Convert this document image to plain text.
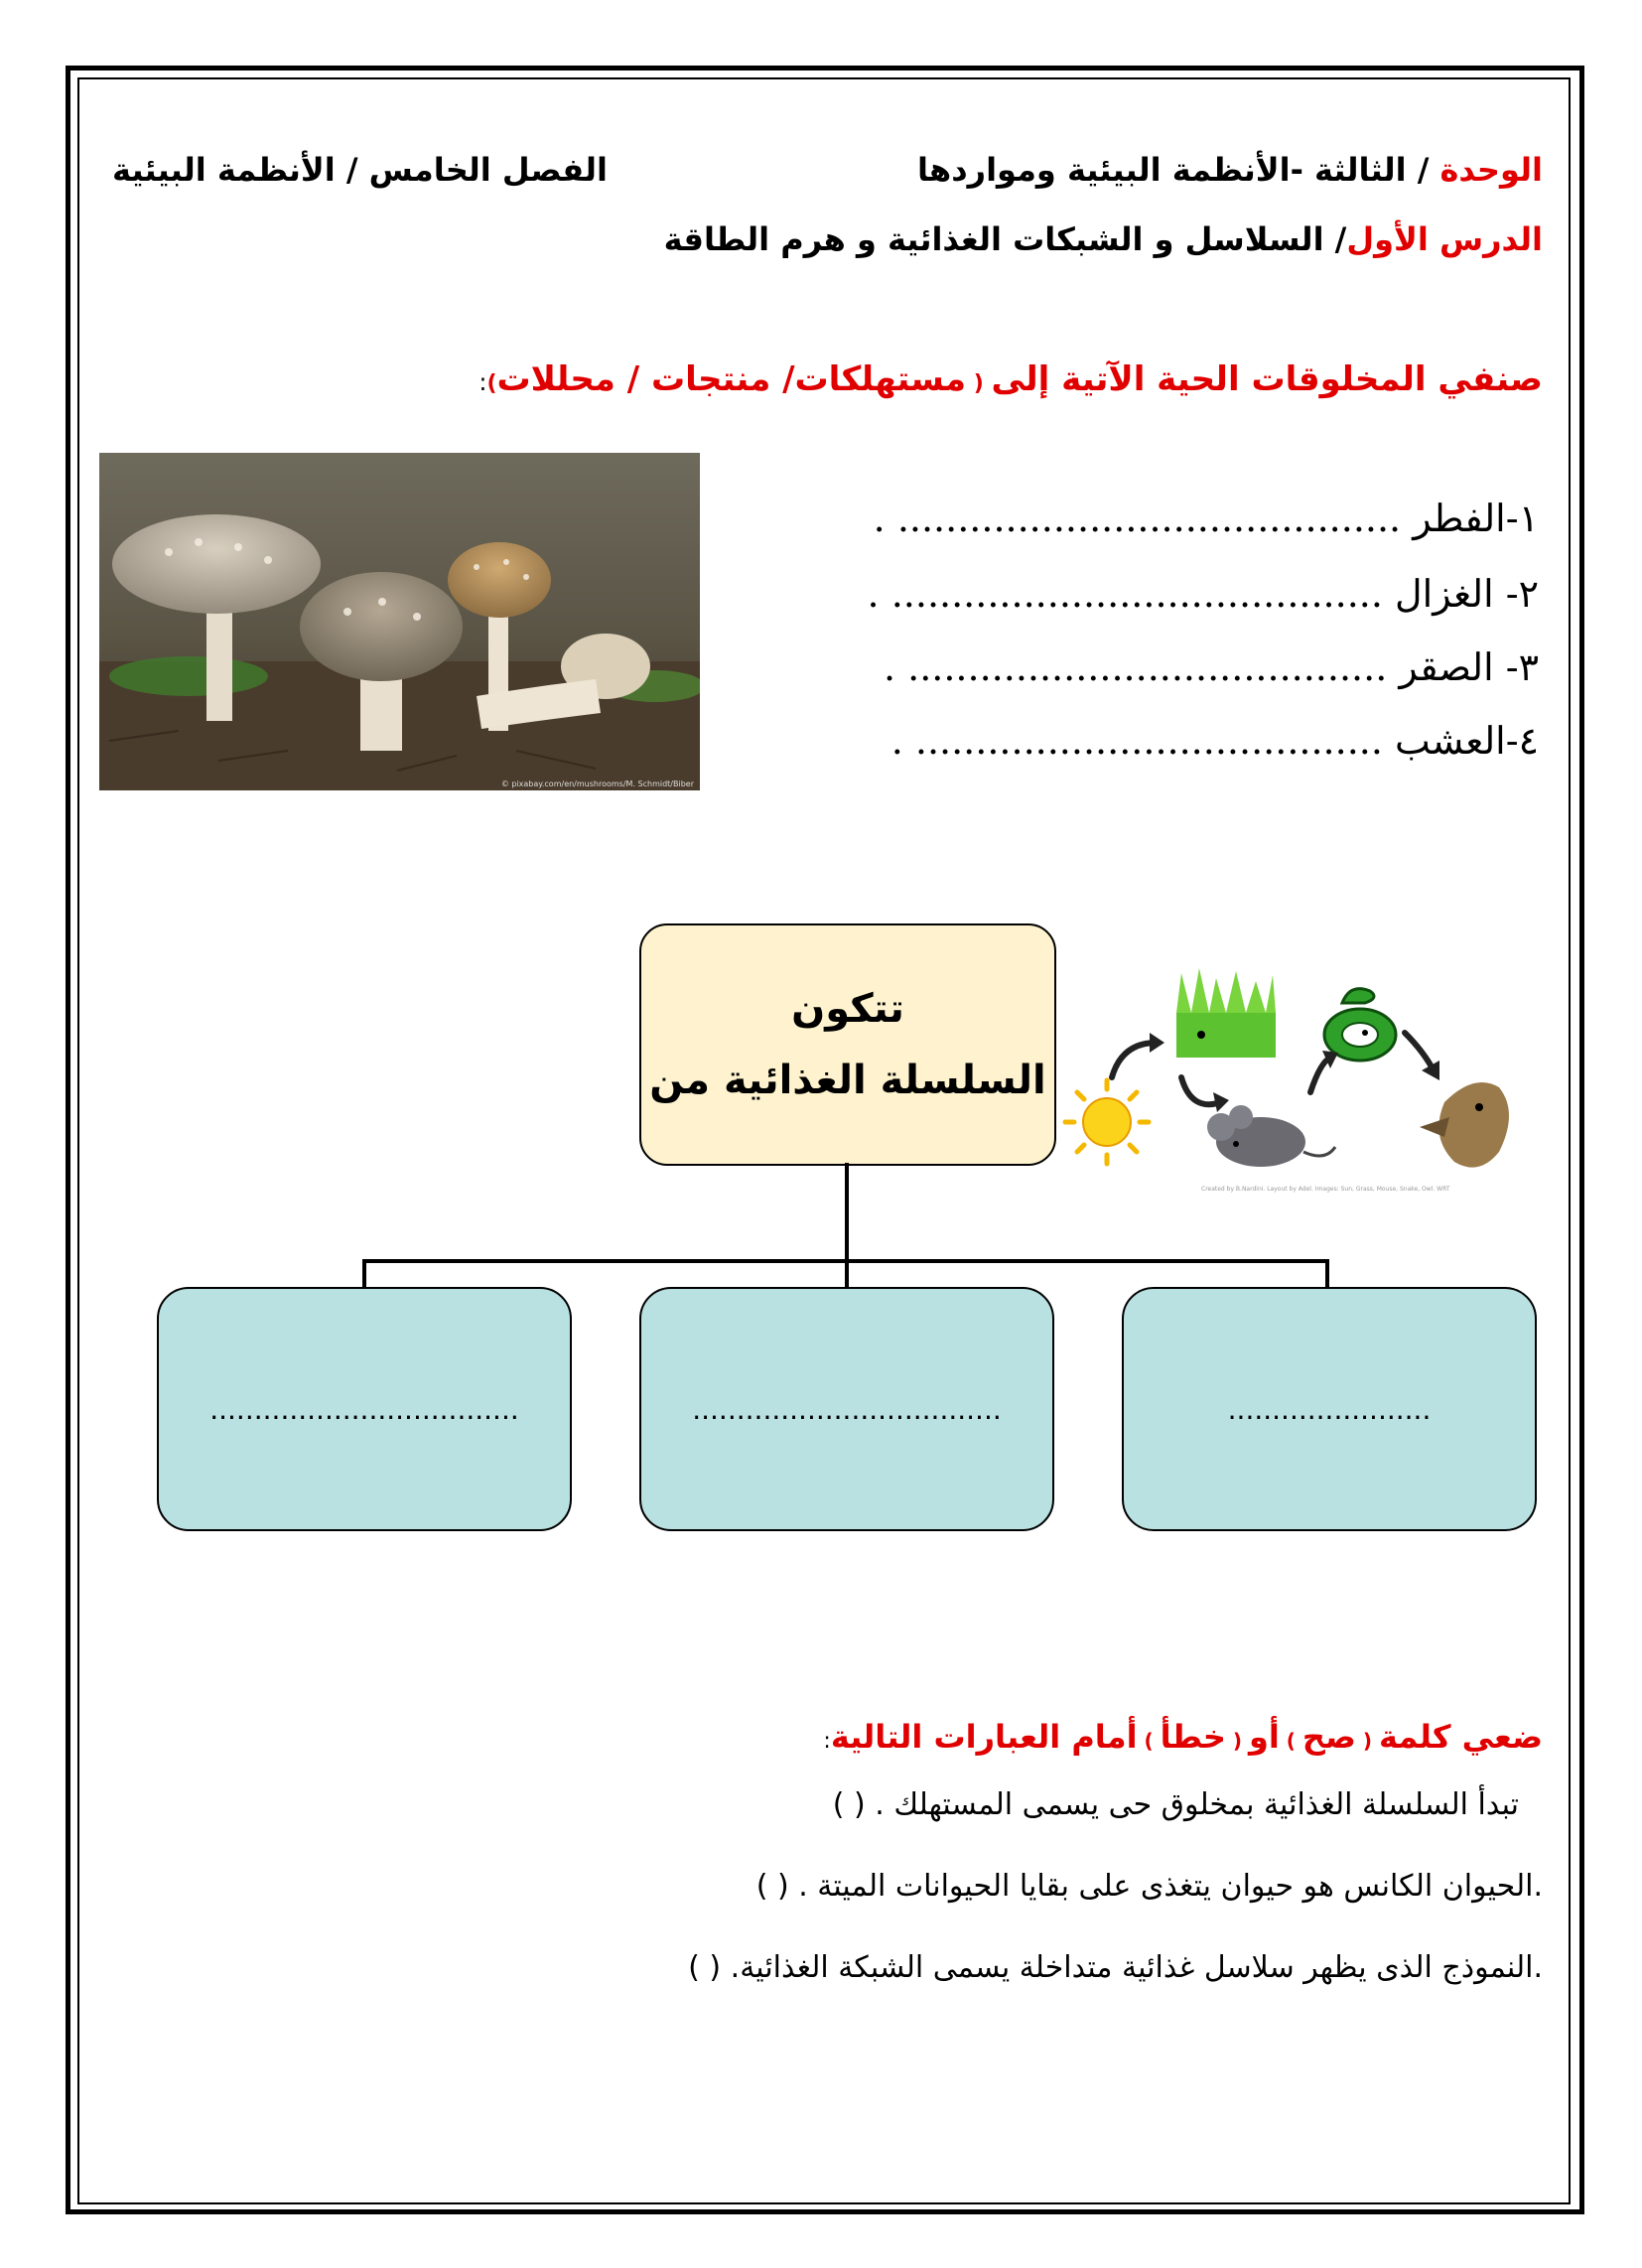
الوحدة / الثالثة -الأنظمة البيئية ومواردها
الفصل الخامس / الأنظمة البيئية
الدرس الأول/ السلاسل و الشبكات الغذائية و هرم الطاقة
صنفي المخلوقات الحية الآتية إلى ( مستهلكات/ منتجات / محللات):
١-الفطر .......................................... .
٢- الغزال ......................................... .
٣- الصقر ........................................ .
٤-العشب ....................................... .
© pixabay.com/en/mushrooms/M. Schmidt/Biber
Created by B.Nardini. Layout by Adel. Images: Sun, Grass, Mouse, Snake, Owl. WRT
تتكون
السلسلة الغذائية من
...................................	...................................	.......................
ضعي كلمة ( صح ) أو ( خطأ ) أمام العبارات التالية:
تبدأ السلسلة الغذائية بمخلوق حى يسمى المستهلك . ( )
.الحيوان الكانس هو حيوان يتغذى على بقايا الحيوانات الميتة . ( )
.النموذج الذى يظهر سلاسل غذائية متداخلة يسمى الشبكة الغذائية. ( )
